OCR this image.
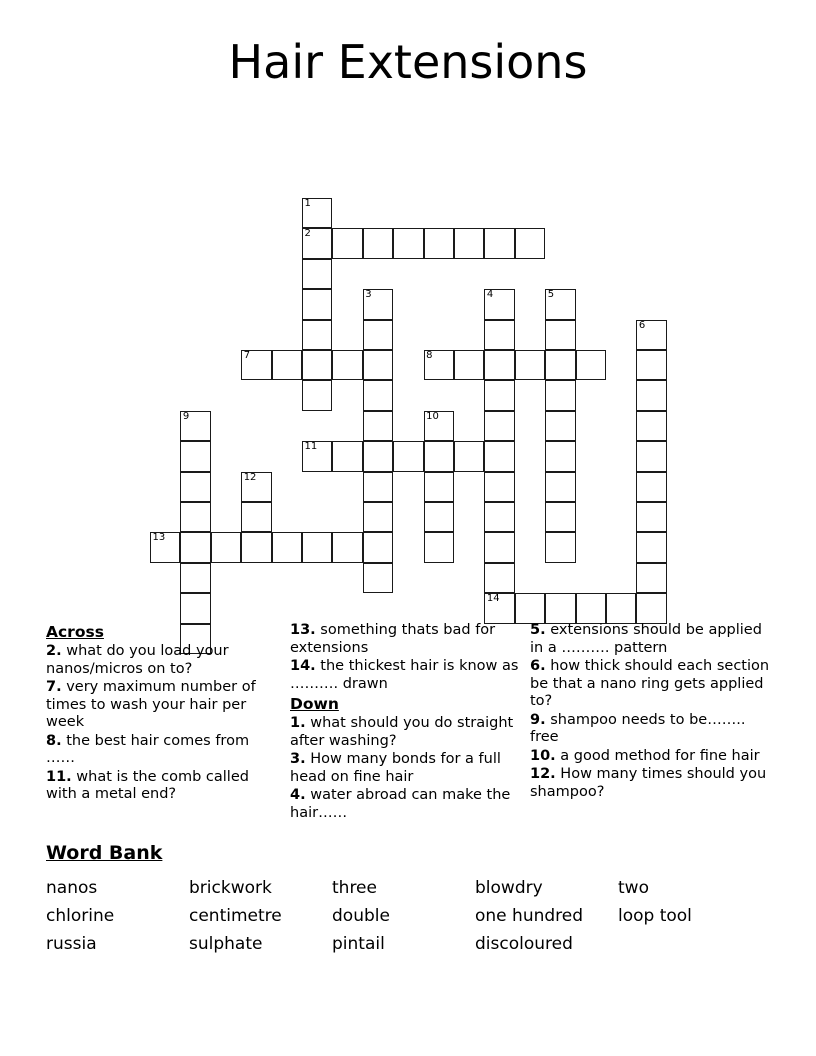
Hair Extensions
1
2
3	4
14
5
6
7	8
9	10
11
12
13
Across
2. what do you load your nanos/micros on to?
7. very maximum number of times to wash your hair per week
8. the best hair comes from ……
11. what is the comb called with a metal end?
13. something thats bad for extensions
14. the thickest hair is know as ………. drawn
Down
1. what should you do straight after washing?
3. How many bonds for a full head on fine hair
4. water abroad can make the hair……
5. extensions should be applied in a ………. pattern
6. how thick should each section be that a nano ring gets applied to?
9. shampoo needs to be…….. free
10. a good method for fine hair
12. How many times should you shampoo?
Word Bank
nanos	brickwork	three	blowdry	two
chlorine	centimetre	double	one hundred	loop tool
russia	sulphate	pintail	discoloured
